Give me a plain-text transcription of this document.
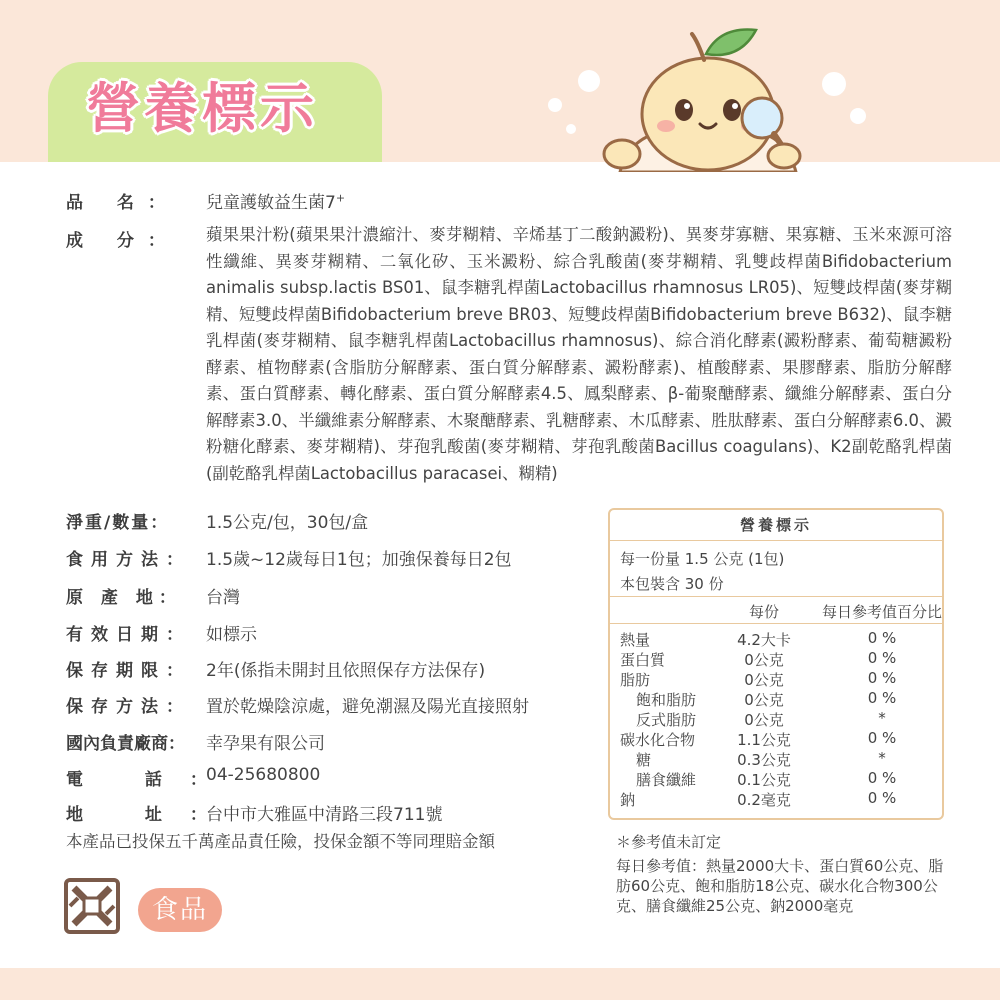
營養標示
品 名： 兒童護敏益生菌7+
成 分： 蘋果果汁粉(蘋果果汁濃縮汁、麥芽糊精、辛烯基丁二酸鈉澱粉)、異麥芽寡糖、果寡糖、玉米來源可溶性纖維、異麥芽糊精、二氧化矽、玉米澱粉、綜合乳酸菌(麥芽糊精、乳雙歧桿菌Bifidobacterium animalis subsp.lactis BS01、鼠李糖乳桿菌Lactobacillus rhamnosus LR05)、短雙歧桿菌(麥芽糊精、短雙歧桿菌Bifidobacterium breve BR03、短雙歧桿菌Bifidobacterium breve B632)、鼠李糖乳桿菌(麥芽糊精、鼠李糖乳桿菌Lactobacillus rhamnosus)、綜合消化酵素(澱粉酵素、葡萄糖澱粉酵素、植物酵素(含脂肪分解酵素、蛋白質分解酵素、澱粉酵素)、植酸酵素、果膠酵素、脂肪分解酵素、蛋白質酵素、轉化酵素、蛋白質分解酵素4.5、鳳梨酵素、β-葡聚醣酵素、纖維分解酵素、蛋白分解酵素3.0、半纖維素分解酵素、木聚醣酵素、乳糖酵素、木瓜酵素、胜肽酵素、蛋白分解酵素6.0、澱粉糖化酵素、麥芽糊精)、芽孢乳酸菌(麥芽糊精、芽孢乳酸菌Bacillus coagulans)、K2副乾酪乳桿菌(副乾酪乳桿菌Lactobacillus paracasei、糊精)
淨重/數量： 1.5公克/包，30包/盒
食用方法： 1.5歲~12歲每日1包；加強保養每日2包
原 產 地： 台灣
有效日期： 如標示
保存期限： 2年(係指未開封且依照保存方法保存)
保存方法： 置於乾燥陰涼處，避免潮濕及陽光直接照射
國內負責廠商： 幸孕果有限公司
電 話：
04-25680800
地 址：
台中市大雅區中清路三段711號
本產品已投保五千萬產品責任險，投保金額不等同理賠金額
食品
營養標示
每一份量 1.5 公克 (1包)
本包裝含 30 份
每份	每日參考值百分比
熱量	4.2大卡	0 %
蛋白質	0公克	0 %
脂肪	0公克	0 %
飽和脂肪	0公克	0 %
反式脂肪	0公克	*
碳水化合物	1.1公克	0 %
糖	0.3公克	*
膳食纖維	0.1公克	0 %
鈉	0.2毫克	0 %
＊參考值未訂定
每日參考值：熱量2000大卡、蛋白質60公克、脂肪60公克、飽和脂肪18公克、碳水化合物300公克、膳食纖維25公克、鈉2000毫克
